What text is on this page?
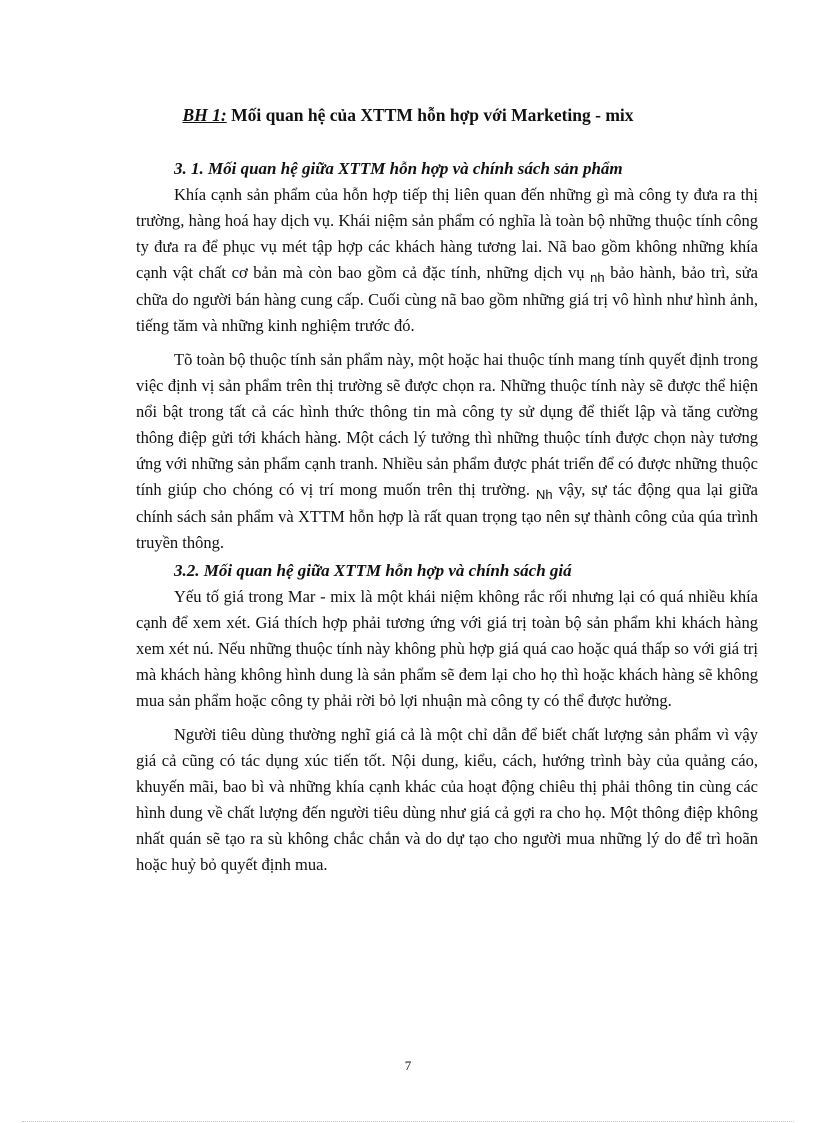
BH 1: Mối quan hệ của XTTM hỗn hợp với Marketing - mix
3. 1. Mối quan hệ giữa XTTM hỗn hợp và chính sách sản phẩm

Khía cạnh sản phẩm của hỗn hợp tiếp thị liên quan đến những gì mà công ty đưa ra thị trường, hàng hoá hay dịch vụ. Khái niệm sản phẩm có nghĩa là toàn bộ những thuộc tính công ty đưa ra để phục vụ mét tập hợp các khách hàng tương lai. Nã bao gồm không những khía cạnh vật chất cơ bản mà còn bao gồm cả đặc tính, những dịch vụ $_{nh}$ bảo hành, bảo trì, sửa chữa do người bán hàng cung cấp. Cuối cùng nã bao gồm những giá trị vô hình như hình ảnh, tiếng tăm và những kinh nghiệm trước đó.

Tõ toàn bộ thuộc tính sản phẩm này, một hoặc hai thuộc tính mang tính quyết định trong việc định vị sản phẩm trên thị trường sẽ được chọn ra. Những thuộc tính này sẽ được thể hiện nổi bật trong tất cả các hình thức thông tin mà công ty sử dụng để thiết lập và tăng cường thông điệp gửi tới khách hàng. Một cách lý tưởng thì những thuộc tính được chọn này tương ứng với những sản phẩm cạnh tranh. Nhiều sản phẩm được phát triển để có được những thuộc tính giúp cho chóng có vị trí mong muốn trên thị trường. $_{Nh}$ vậy, sự tác động qua lại giữa chính sách sản phẩm và XTTM hỗn hợp là rất quan trọng tạo nên sự thành công của qúa trình truyền thông.

3.2. Mối quan hệ giữa XTTM hỗn hợp và chính sách giá

Yếu tố giá trong Mar - mix là một khái niệm không rắc rối nhưng lại có quá nhiều khía cạnh để xem xét. Giá thích hợp phải tương ứng với giá trị toàn bộ sản phẩm khi khách hàng xem xét nú. Nếu những thuộc tính này không phù hợp giá quá cao hoặc quá thấp so với giá trị mà khách hàng không hình dung là sản phẩm sẽ đem lại cho họ thì hoặc khách hàng sẽ không mua sản phẩm hoặc công ty phải rời bỏ lợi nhuận mà công ty có thể được hưởng.

Người tiêu dùng thường nghĩ giá cả là một chỉ dẫn để biết chất lượng sản phẩm vì vậy giá cả cũng có tác dụng xúc tiến tốt. Nội dung, kiểu, cách, hướng trình bày của quảng cáo, khuyến mãi, bao bì và những khía cạnh khác của hoạt động chiêu thị phải thông tin cùng các hình dung về chất lượng đến người tiêu dùng như giá cả gợi ra cho họ. Một thông điệp không nhất quán sẽ tạo ra sù không chắc chắn và do dự tạo cho người mua những lý do để trì hoãn hoặc huỷ bỏ quyết định mua.

7
